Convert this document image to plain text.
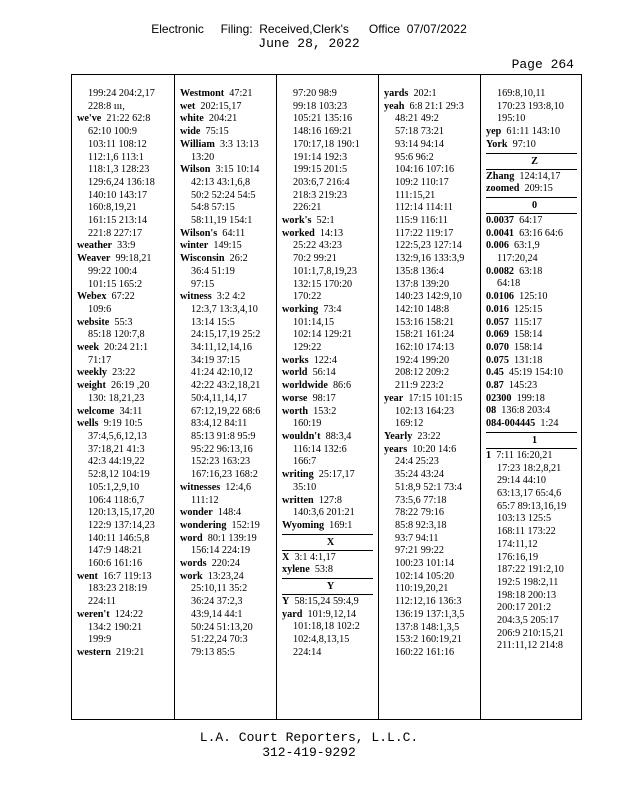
Electronic     Filing:  Received,Clerk's      Office  07/07/2022
June 28, 2022
Page 264
199:24 204:2,17
228:8 ııı,
we've 21:22 62:8
62:10 100:9
103:11 108:12
112:1,6 113:1
118:1,3 128:23
129:6,24 136:18
140:10 143:17
160:8,19,21
161:15 213:14
221:8 227:17
weather 33:9
Weaver 99:18,21
99:22 100:4
101:15 165:2
Webex 67:22
109:6
website 55:3
85:18 120:7,8
week 20:24 21:1
71:17
weekly 23:22
weight 26:19 ,20
130: 18,21,23
welcome 34:11
wells 9:19 10:5
37:4,5,6,12,13
37:18,21 41:3
42:3 44:19,22
52:8,12 104:19
105:1,2,9,10
106:4 118:6,7
120:13,15,17,20
122:9 137:14,23
140:11 146:5,8
147:9 148:21
160:6 161:16
went 16:7 119:13
183:23 218:19
224:11
weren't 124:22
134:2 190:21
199:9
western 219:21
Westmont 47:21
wet 202:15,17
white 204:21
wide 75:15
William 3:3 13:13
13:20
Wilson 3:15 10:14
42:13 43:1,6,8
50:2 52:24 54:5
54:8 57:15
58:11,19 154:1
Wilson's 64:11
winter 149:15
Wisconsin 26:2
36:4 51:19
97:15
witness 3:2 4:2
12:3,7 13:3,4,10
13:14 15:5
24:15,17,19 25:2
34:11,12,14,16
34:19 37:15
41:24 42:10,12
42:22 43:2,18,21
50:4,11,14,17
67:12,19,22 68:6
83:4,12 84:11
85:13 91:8 95:9
95:22 96:13,16
152:23 163:23
167:16,23 168:2
witnesses 12:4,6
111:12
wonder 148:4
wondering 152:19
word 80:1 139:19
156:14 224:19
words 220:24
work 13:23,24
25:10,11 35:2
36:24 37:2,3
43:9,14 44:1
50:24 51:13,20
51:22,24 70:3
79:13 85:5
97:20 98:9
99:18 103:23
105:21 135:16
148:16 169:21
170:17,18 190:1
191:14 192:3
199:15 201:5
203:6,7 216:4
218:3 219:23
226:21
work's 52:1
worked 14:13
25:22 43:23
70:2 99:21
101:1,7,8,19,23
132:15 170:20
170:22
working 73:4
101:14,15
102:14 129:21
129:22
works 122:4
world 56:14
worldwide 86:6
worse 98:17
worth 153:2
160:19
wouldn't 88:3,4
116:14 132:6
166:7
writing 25:17,17
35:10
written 127:8
140:3,6 201:21
Wyoming 169:1
X
X 3:1 4:1,17
xylene 53:8
Y
Y 58:15,24 59:4,9
yard 101:9,12,14
101:18,18 102:2
102:4,8,13,15
224:14
yards 202:1
yeah 6:8 21:1 29:3
48:21 49:2
57:18 73:21
93:14 94:14
95:6 96:2
104:16 107:16
109:2 110:17
111:15,21
112:14 114:11
115:9 116:11
117:22 119:17
122:5,23 127:14
132:9,16 133:3,9
135:8 136:4
137:8 139:20
140:23 142:9,10
142:10 148:8
153:16 158:21
158:21 161:24
162:10 174:13
192:4 199:20
208:12 209:2
211:9 223:2
year 17:15 101:15
102:13 164:23
169:12
Yearly 23:22
years 10:20 14:6
24:4 25:23
35:24 43:24
51:8,9 52:1 73:4
73:5,6 77:18
78:22 79:16
85:8 92:3,18
93:7 94:11
97:21 99:22
100:23 101:14
102:14 105:20
110:19,20,21
112:12,16 136:3
136:19 137:1,3,5
137:8 148:1,3,5
153:2 160:19,21
160:22 161:16
169:8,10,11
170:23 193:8,10
195:10
yep 61:11 143:10
York 97:10
Z
Zhang 124:14,17
zoomed 209:15
0
0.0037 64:17
0.0041 63:16 64:6
0.006 63:1,9
117:20,24
0.0082 63:18
64:18
0.0106 125:10
0.016 125:15
0.057 115:17
0.069 158:14
0.070 158:14
0.075 131:18
0.45 45:19 154:10
0.87 145:23
02300 199:18
08 136:8 203:4
084-004445 1:24
1
1 7:11 16:20,21
17:23 18:2,8,21
29:14 44:10
63:13,17 65:4,6
65:7 89:13,16,19
103:13 125:5
168:11 173:22
174:11,12
176:16,19
187:22 191:2,10
192:5 198:2,11
198:18 200:13
200:17 201:2
204:3,5 205:17
206:9 210:15,21
211:11,12 214:8
L.A. Court Reporters, L.L.C.
312-419-9292
